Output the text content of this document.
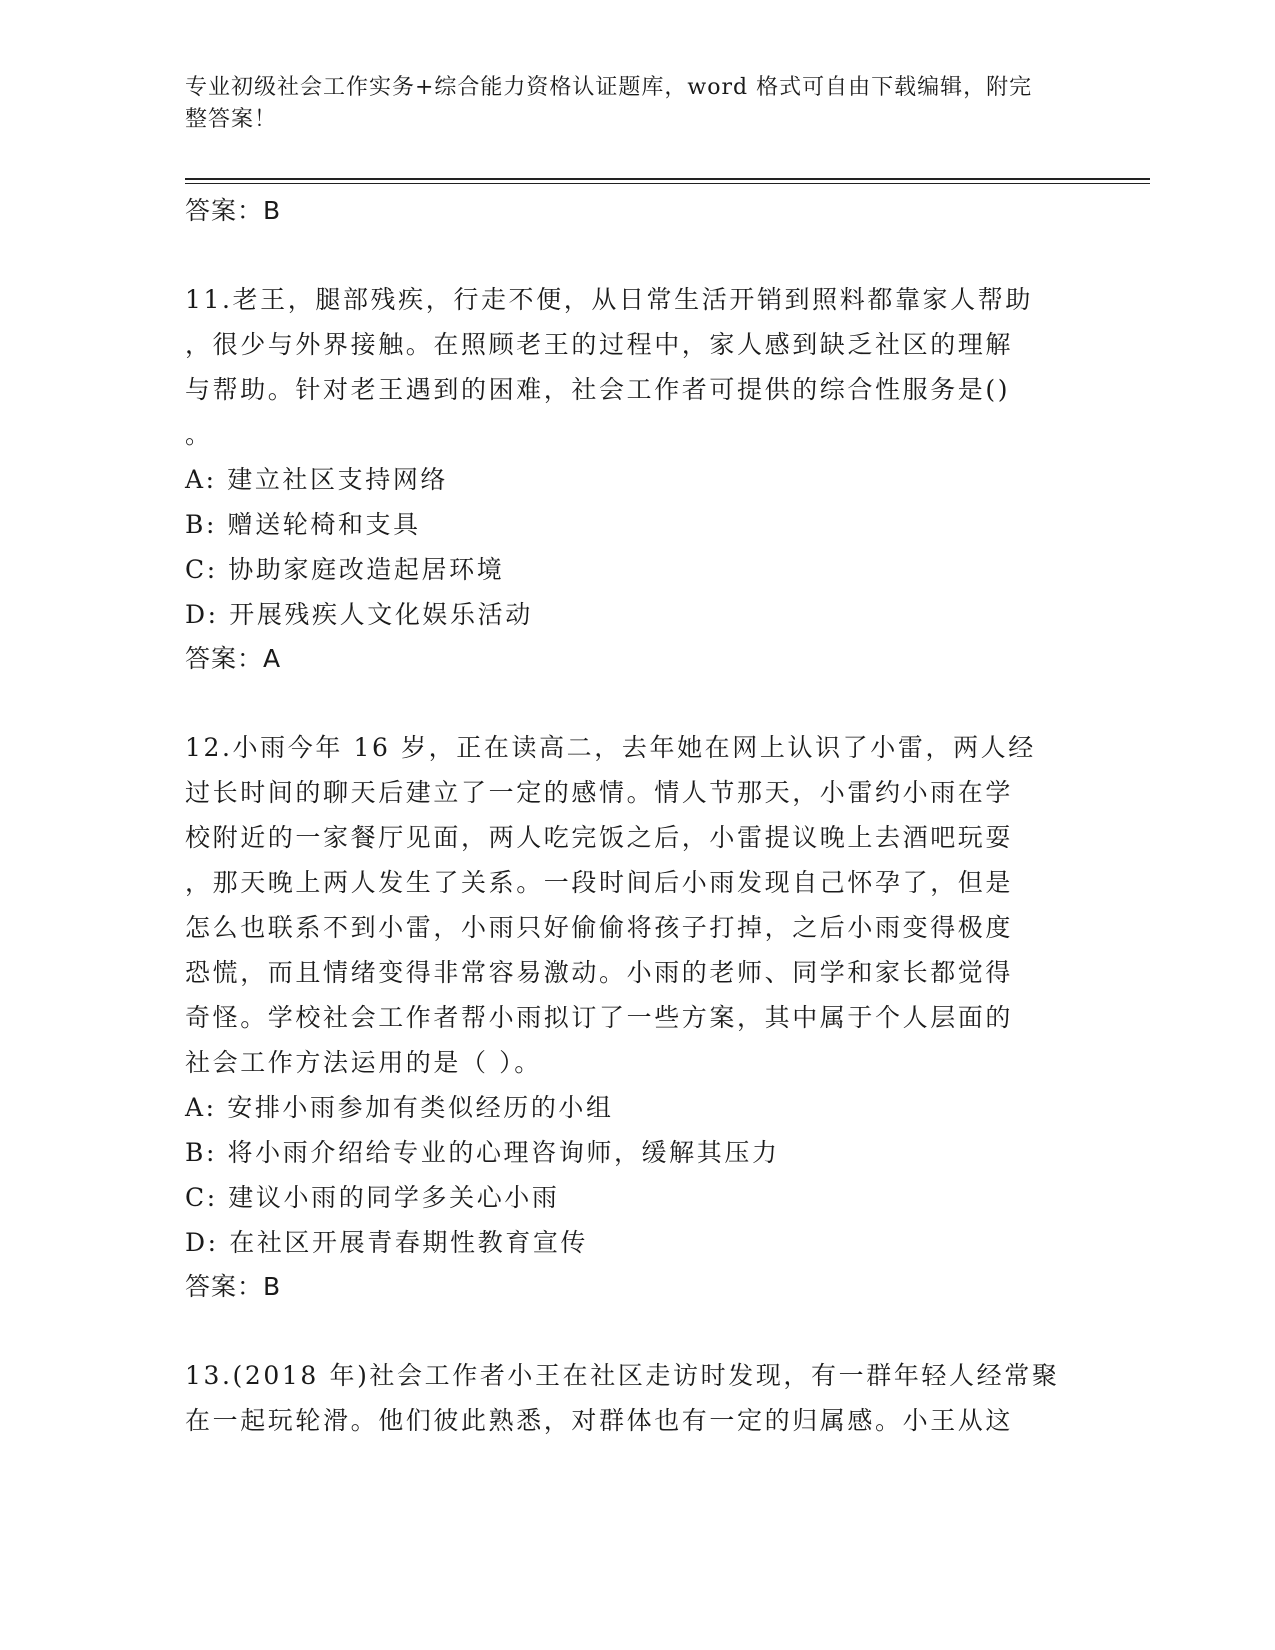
专业初级社会工作实务+综合能力资格认证题库，word 格式可自由下载编辑，附完
整答案！
答案：B
11.老王，腿部残疾，行走不便，从日常生活开销到照料都靠家人帮助
，很少与外界接触。在照顾老王的过程中，家人感到缺乏社区的理解
与帮助。针对老王遇到的困难，社会工作者可提供的综合性服务是()
。
A: 建立社区支持网络
B: 赠送轮椅和支具
C: 协助家庭改造起居环境
D: 开展残疾人文化娱乐活动
答案：A
12.小雨今年 16 岁，正在读高二，去年她在网上认识了小雷，两人经
过长时间的聊天后建立了一定的感情。情人节那天，小雷约小雨在学
校附近的一家餐厅见面，两人吃完饭之后，小雷提议晚上去酒吧玩耍
，那天晚上两人发生了关系。一段时间后小雨发现自己怀孕了，但是
怎么也联系不到小雷，小雨只好偷偷将孩子打掉，之后小雨变得极度
恐慌，而且情绪变得非常容易激动。小雨的老师、同学和家长都觉得
奇怪。学校社会工作者帮小雨拟订了一些方案，其中属于个人层面的
社会工作方法运用的是（ ）。
A: 安排小雨参加有类似经历的小组
B: 将小雨介绍给专业的心理咨询师，缓解其压力
C: 建议小雨的同学多关心小雨
D: 在社区开展青春期性教育宣传
答案：B
13.(2018 年)社会工作者小王在社区走访时发现，有一群年轻人经常聚
在一起玩轮滑。他们彼此熟悉，对群体也有一定的归属感。小王从这
